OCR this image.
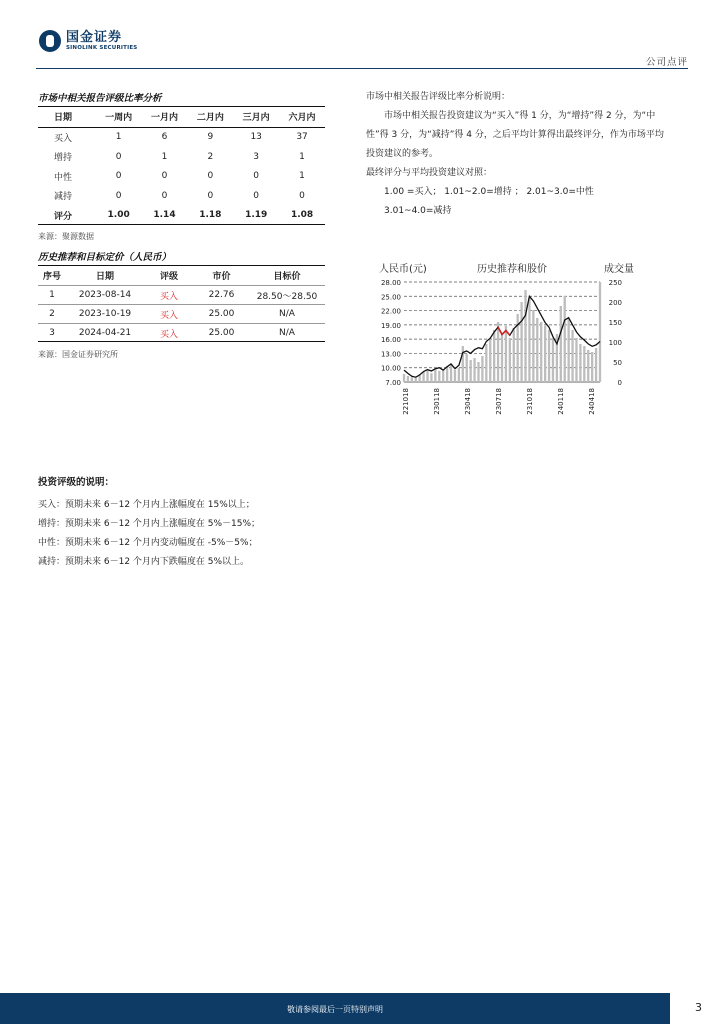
国金证券
SINOLINK SECURITIES
公司点评
市场中相关报告评级比率分析
日期	一周内	一月内	二月内	三月内	六月内
买入	1	6	9	13	37
增持	0	1	2	3	1
中性	0	0	0	0	1
减持	0	0	0	0	0
评分	1.00	1.14	1.18	1.19	1.08
来源：聚源数据
历史推荐和目标定价（人民币）
序号	日期	评级	市价	目标价
1	2023-08-14	买入	22.76	28.50～28.50
2	2023-10-19	买入	25.00	N/A
3	2024-04-21	买入	25.00	N/A
来源：国金证券研究所
市场中相关报告评级比率分析说明：
市场中相关报告投资建议为“买入”得 1 分，为“增持”得 2 分，为“中性”得 3 分，为“减持”得 4 分，之后平均计算得出最终评分，作为市场平均投资建议的参考。
最终评分与平均投资建议对照：
1.00 =买入； 1.01~2.0=增持 ； 2.01~3.0=中性
3.01~4.0=减持
人民币(元)	历史推荐和股价	成交量
28.00
25.00
22.00
19.00
16.00
13.00
10.00
7.00
250
200
150
100
50
0
221018	230118	230418	230718	231018	240118	240418
投资评级的说明：
买入：预期未来 6－12 个月内上涨幅度在 15%以上；
增持：预期未来 6－12 个月内上涨幅度在 5%－15%；
中性：预期未来 6－12 个月内变动幅度在 -5%－5%；
减持：预期未来 6－12 个月内下跌幅度在 5%以上。
敬请参阅最后一页特别声明	3
